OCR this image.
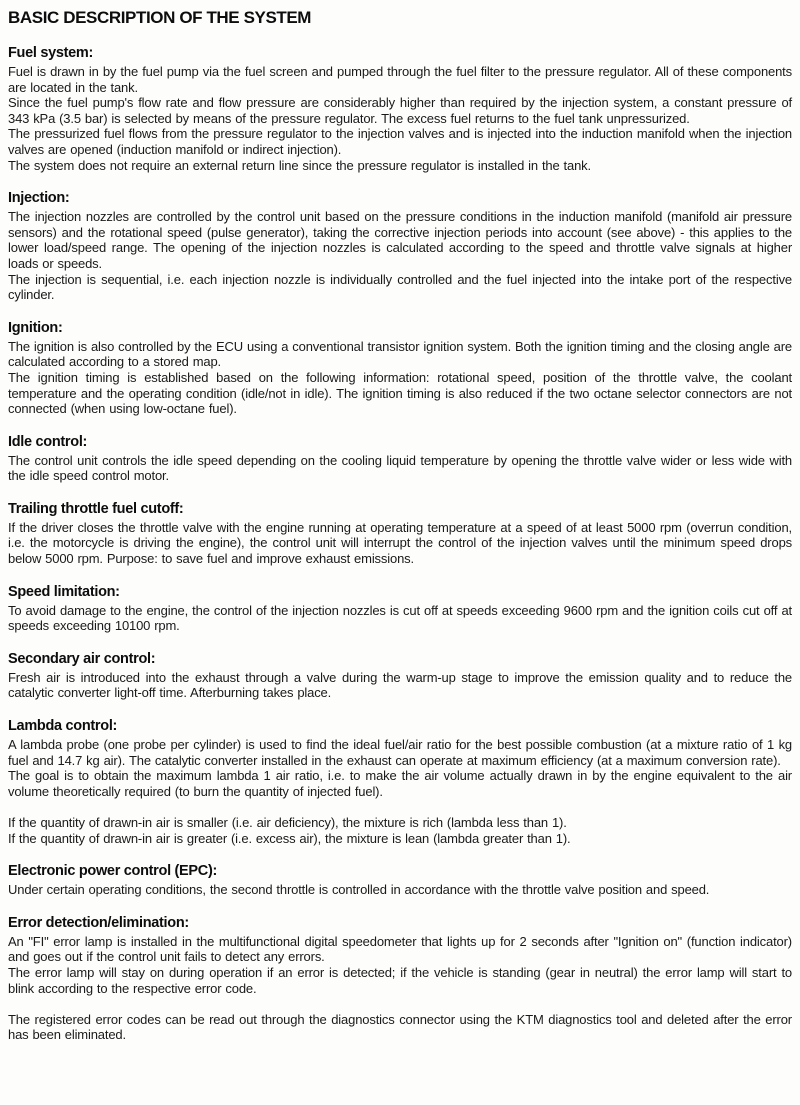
BASIC DESCRIPTION OF THE SYSTEM
Fuel system:

Fuel is drawn in by the fuel pump via the fuel screen and pumped through the fuel filter to the pressure regulator. All of these components are located in the tank.

Since the fuel pump's flow rate and flow pressure are considerably higher than required by the injection system, a constant pressure of 343 kPa (3.5 bar) is selected by means of the pressure regulator. The excess fuel returns to the fuel tank unpressurized.

The pressurized fuel flows from the pressure regulator to the injection valves and is injected into the induction manifold when the injection valves are opened (induction manifold or indirect injection).

The system does not require an external return line since the pressure regulator is installed in the tank.

Injection:

The injection nozzles are controlled by the control unit based on the pressure conditions in the induction manifold (manifold air pressure sensors) and the rotational speed (pulse generator), taking the corrective injection periods into account (see above) - this applies to the lower load/speed range. The opening of the injection nozzles is calculated according to the speed and throttle valve signals at higher loads or speeds.

The injection is sequential, i.e. each injection nozzle is individually controlled and the fuel injected into the intake port of the respective cylinder.

Ignition:

The ignition is also controlled by the ECU using a conventional transistor ignition system. Both the ignition timing and the closing angle are calculated according to a stored map.

The ignition timing is established based on the following information: rotational speed, position of the throttle valve, the coolant temperature and the operating condition (idle/not in idle). The ignition timing is also reduced if the two octane selector connectors are not connected (when using low-octane fuel).

Idle control:

The control unit controls the idle speed depending on the cooling liquid temperature by opening the throttle valve wider or less wide with the idle speed control motor.

Trailing throttle fuel cutoff:

If the driver closes the throttle valve with the engine running at operating temperature at a speed of at least 5000 rpm (overrun condition, i.e. the motorcycle is driving the engine), the control unit will interrupt the control of the injection valves until the minimum speed drops below 5000 rpm. Purpose: to save fuel and improve exhaust emissions.

Speed limitation:

To avoid damage to the engine, the control of the injection nozzles is cut off at speeds exceeding 9600 rpm and the ignition coils cut off at speeds exceeding 10100 rpm.

Secondary air control:

Fresh air is introduced into the exhaust through a valve during the warm-up stage to improve the emission quality and to reduce the catalytic converter light-off time. Afterburning takes place.

Lambda control:

A lambda probe (one probe per cylinder) is used to find the ideal fuel/air ratio for the best possible combustion (at a mixture ratio of 1 kg fuel and 14.7 kg air). The catalytic converter installed in the exhaust can operate at maximum efficiency (at a maximum conversion rate).

The goal is to obtain the maximum lambda 1 air ratio, i.e. to make the air volume actually drawn in by the engine equivalent to the air volume theoretically required (to burn the quantity of injected fuel).

If the quantity of drawn-in air is smaller (i.e. air deficiency), the mixture is rich (lambda less than 1).

If the quantity of drawn-in air is greater (i.e. excess air), the mixture is lean (lambda greater than 1).

Electronic power control (EPC):

Under certain operating conditions, the second throttle is controlled in accordance with the throttle valve position and speed.

Error detection/elimination:

An "FI" error lamp is installed in the multifunctional digital speedometer that lights up for 2 seconds after "Ignition on" (function indicator) and goes out if the control unit fails to detect any errors.

The error lamp will stay on during operation if an error is detected; if the vehicle is standing (gear in neutral) the error lamp will start to blink according to the respective error code.

The registered error codes can be read out through the diagnostics connector using the KTM diagnostics tool and deleted after the error has been eliminated.
